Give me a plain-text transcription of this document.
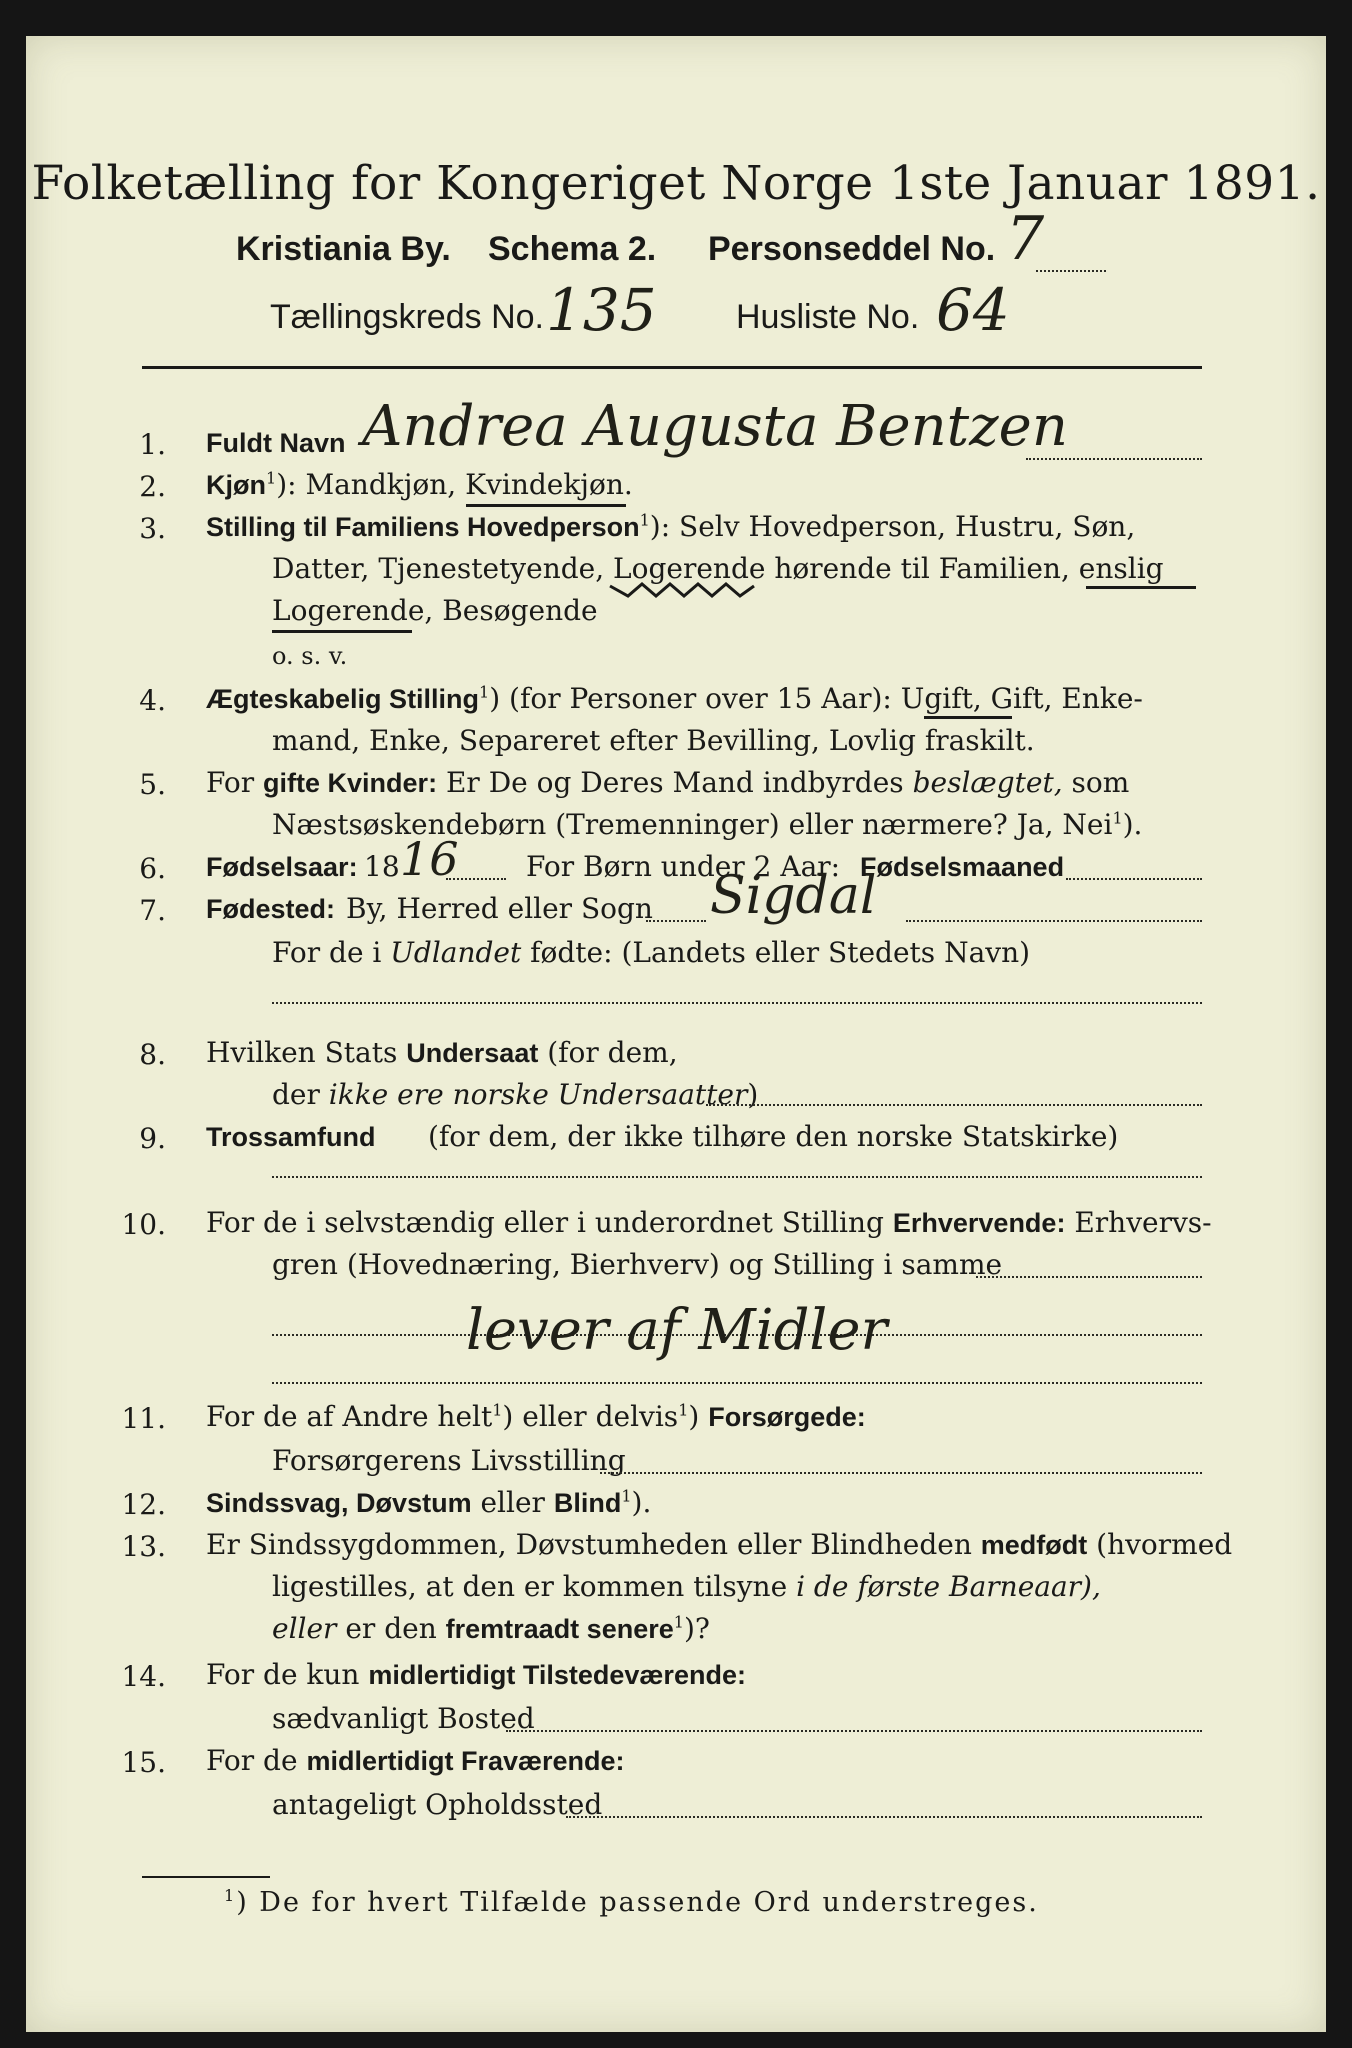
Folketælling for Kongeriget Norge 1ste Januar 1891.
Kristiania By. Schema 2. Personseddel No. 7
Tællingskreds No. 135 Husliste No. 64
1. Fuldt Navn Andrea Augusta Bentzen
2. Kjøn$^1$): Mandkjøn, Kvindekjøn.
3. Stilling til Familiens Hovedperson$^1$): Selv Hovedperson, Hustru, Søn,
Datter, Tjenestetyende, Logerende hørende til Familien, enslig
Logerende, Besøgende
o. s. v.
4. Ægteskabelig Stilling$^1$) (for Personer over 15 Aar): Ugift, Gift, Enke-
mand, Enke, Separeret efter Bevilling, Lovlig fraskilt.
5. For gifte Kvinder: Er De og Deres Mand indbyrdes beslægtet, som
Næstsøskendebørn (Tremenninger) eller nærmere? Ja, Nei$^1$).
6. Fødselsaar: 18 16 For Børn under 2 Aar: Fødselsmaaned
7. Fødested: By, Herred eller Sogn Sigdal
For de i Udlandet fødte: (Landets eller Stedets Navn)
8. Hvilken Stats Undersaat (for dem,
der ikke ere norske Undersaatter)
9. Trossamfund (for dem, der ikke tilhøre den norske Statskirke)
10. For de i selvstændig eller i underordnet Stilling Erhvervende: Erhvervs-
gren (Hovednæring, Bierhverv) og Stilling i samme
lever af Midler
11. For de af Andre helt$^1$) eller delvis$^1$) Forsørgede:
Forsørgerens Livsstilling
12. Sindssvag, Døvstum eller Blind$^1$).
13. Er Sindssygdommen, Døvstumheden eller Blindheden medfødt (hvormed
ligestilles, at den er kommen tilsyne i de første Barneaar),
eller er den fremtraadt senere$^1$)?
14. For de kun midlertidigt Tilstedeværende:
sædvanligt Bosted
15. For de midlertidigt Fraværende:
antageligt Opholdssted
$^1$) De for hvert Tilfælde passende Ord understreges.
